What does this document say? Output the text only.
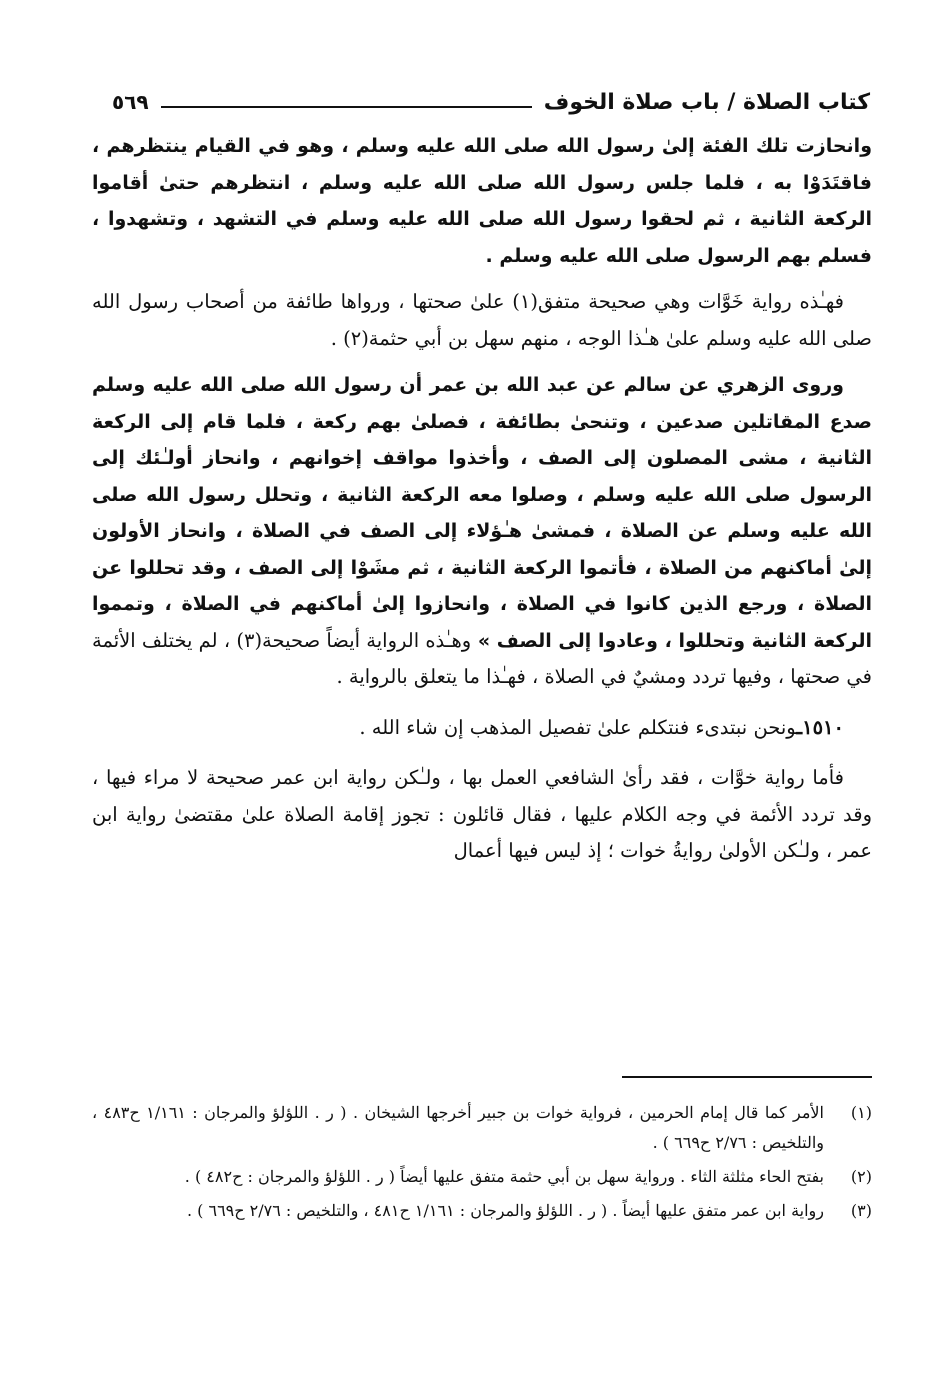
كتاب الصلاة / باب صلاة الخوف
٥٦٩

وانحازت تلك الفئة إلىٰ رسول الله صلى الله عليه وسلم ، وهو في القيام ينتظرهم ، فاقتَدَوْا به ، فلما جلس رسول الله صلى الله عليه وسلم ، انتظرهم حتىٰ أقاموا الركعة الثانية ، ثم لحقوا رسول الله صلى الله عليه وسلم في التشهد ، وتشهدوا ، فسلم بهم الرسول صلى الله عليه وسلم .

فهـٰذه رواية خَوَّات وهي صحيحة متفق(١) علىٰ صحتها ، ورواها طائفة من أصحاب رسول الله صلى الله عليه وسلم علىٰ هـٰذا الوجه ، منهم سهل بن أبي حثمة(٢) .

وروى الزهري عن سالم عن عبد الله بن عمر أن رسول الله صلى الله عليه وسلم صدع المقاتلين صدعين ، وتنحىٰ بطائفة ، فصلىٰ بهم ركعة ، فلما قام إلى الركعة الثانية ، مشى المصلون إلى الصف ، وأخذوا مواقف إخوانهم ، وانحاز أولـٰئك إلى الرسول صلى الله عليه وسلم ، وصلوا معه الركعة الثانية ، وتحلل رسول الله صلى الله عليه وسلم عن الصلاة ، فمشىٰ هـٰؤلاء إلى الصف في الصلاة ، وانحاز الأولون إلىٰ أماكنهم من الصلاة ، فأتموا الركعة الثانية ، ثم مشَوْا إلى الصف ، وقد تحللوا عن الصلاة ، ورجع الذين كانوا في الصلاة ، وانحازوا إلىٰ أماكنهم في الصلاة ، وتمموا الركعة الثانية وتحللوا ، وعادوا إلى الصف » وهـٰذه الرواية أيضاً صحيحة(٣) ، لم يختلف الأئمة في صحتها ، وفيها تردد ومشيٌ في الصلاة ، فهـٰذا ما يتعلق بالرواية .

١٥١٠ـونحن نبتدىء فنتكلم علىٰ تفصيل المذهب إن شاء الله .

فأما رواية خوَّات ، فقد رأىٰ الشافعي العمل بها ، ولـٰكن رواية ابن عمر صحيحة لا مراء فيها ، وقد تردد الأئمة في وجه الكلام عليها ، فقال قائلون : تجوز إقامة الصلاة علىٰ مقتضىٰ رواية ابن عمر ، ولـٰكن الأولىٰ روايةُ خوات ؛ إذ ليس فيها أعمال

(١)
الأمر كما قال إمام الحرمين ، فرواية خوات بن جبير أخرجها الشيخان . ( ر . اللؤلؤ والمرجان : ١/١٦١ ح٤٨٣ ، والتلخيص : ٢/٧٦ ح٦٦٩ ) .
(٢)
بفتح الحاء مثلثة الثاء . ورواية سهل بن أبي حثمة متفق عليها أيضاً ( ر . اللؤلؤ والمرجان : ح٤٨٢ ) .
(٣)
رواية ابن عمر متفق عليها أيضاً . ( ر . اللؤلؤ والمرجان : ١/١٦١ ح٤٨١ ، والتلخيص : ٢/٧٦ ح٦٦٩ ) .
